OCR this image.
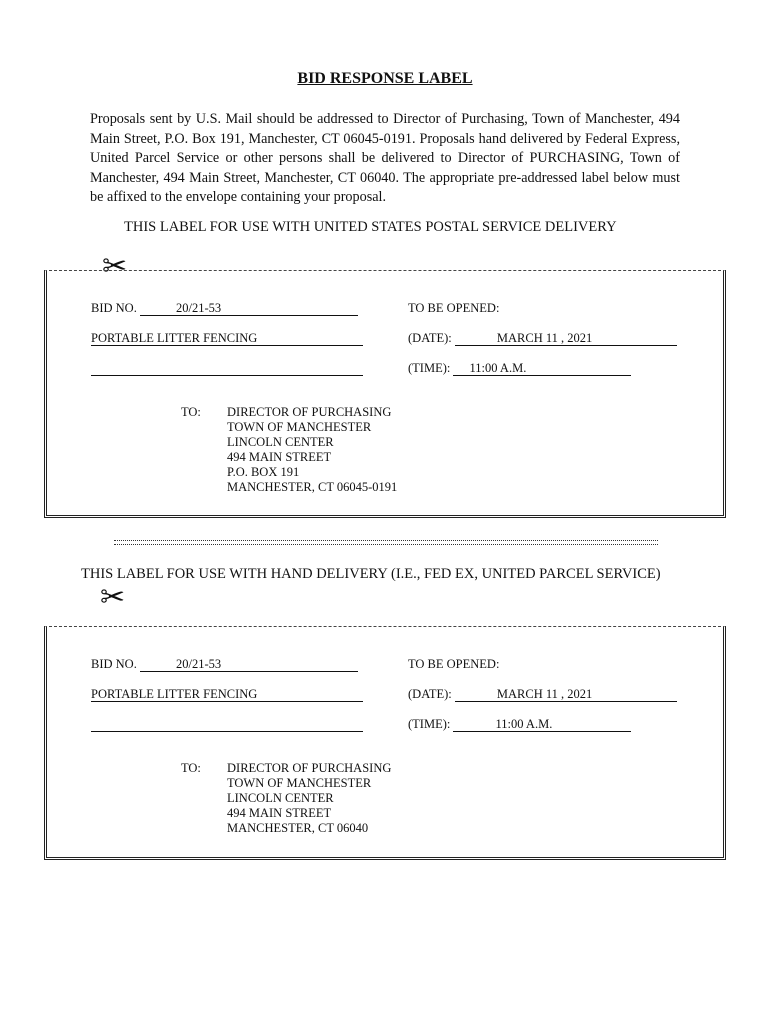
BID RESPONSE LABEL
Proposals sent by U.S. Mail should be addressed to Director of Purchasing, Town of Manchester, 494 Main Street, P.O. Box 191, Manchester, CT 06045-0191. Proposals hand delivered by Federal Express, United Parcel Service or other persons shall be delivered to Director of PURCHASING, Town of Manchester, 494 Main Street, Manchester, CT 06040. The appropriate pre-addressed label below must be affixed to the envelope containing your proposal.
THIS LABEL FOR USE WITH UNITED STATES POSTAL SERVICE DELIVERY
✂
BID NO.	20/21-53	TO BE OPENED:
PORTABLE LITTER FENCING	(DATE):	MARCH 11 , 2021
(TIME): 11:00 A.M.
TO: DIRECTOR OF PURCHASING
TOWN OF MANCHESTER
LINCOLN CENTER
494 MAIN STREET
P.O. BOX 191
MANCHESTER, CT 06045-0191
THIS LABEL FOR USE WITH HAND DELIVERY (I.E., FED EX, UNITED PARCEL SERVICE)
✂
BID NO.	20/21-53	TO BE OPENED:
PORTABLE LITTER FENCING	(DATE):	MARCH 11 , 2021
(TIME):	11:00 A.M.
TO: DIRECTOR OF PURCHASING
TOWN OF MANCHESTER
LINCOLN CENTER
494 MAIN STREET
MANCHESTER, CT 06040
